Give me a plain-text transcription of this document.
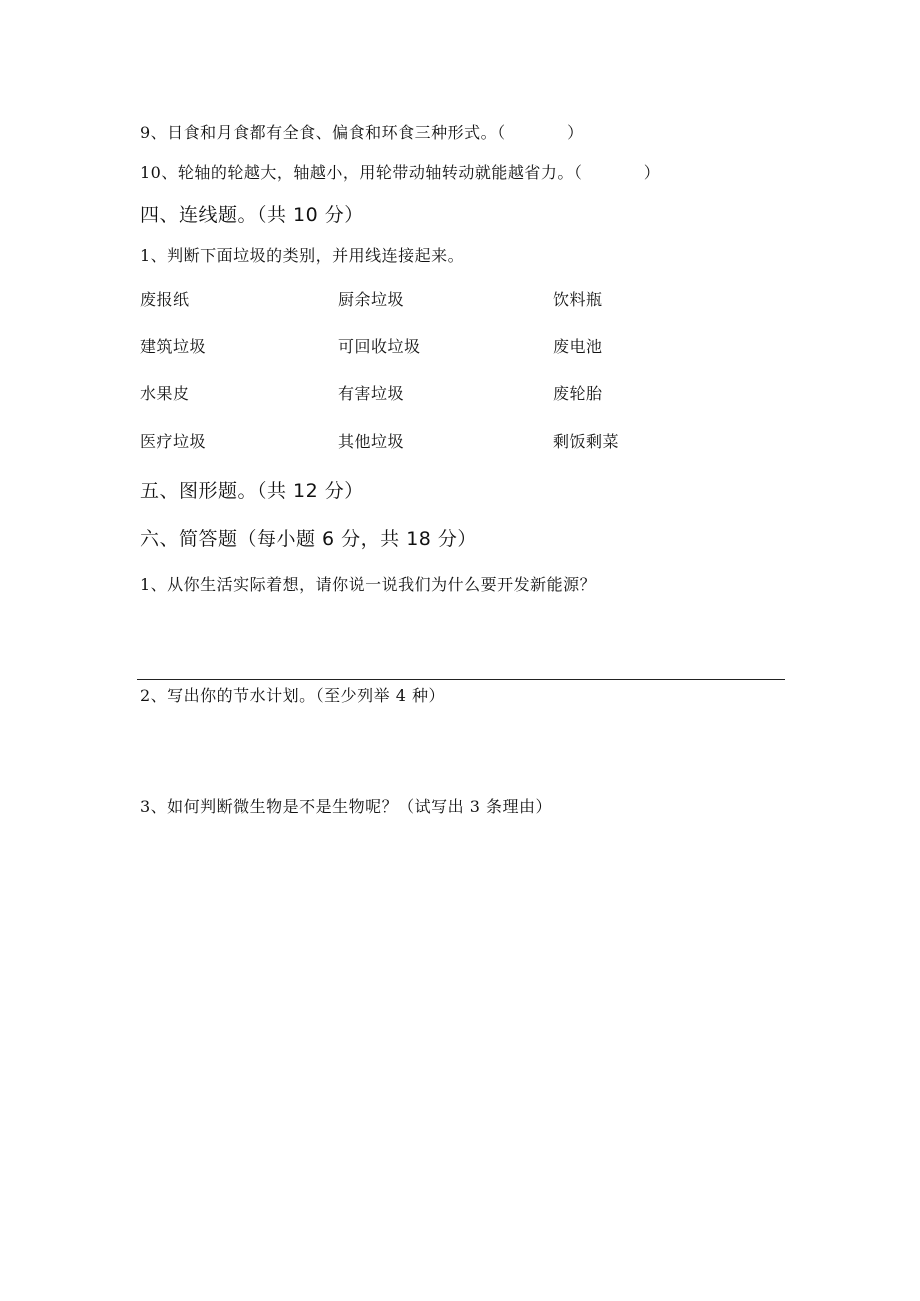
9、日食和月食都有全食、偏食和环食三种形式。（           ）
10、轮轴的轮越大，轴越小，用轮带动轴转动就能越省力。（           ）
四、连线题。（共 10 分）
1、判断下面垃圾的类别，并用线连接起来。
废报纸	厨余垃圾	饮料瓶
建筑垃圾	可回收垃圾	废电池
水果皮	有害垃圾	废轮胎
医疗垃圾	其他垃圾	剩饭剩菜
五、图形题。（共 12 分）
六、简答题（每小题 6 分，共 18 分）
1、从你生活实际着想，请你说一说我们为什么要开发新能源？
2、写出你的节水计划。（至少列举 4 种）
3、如何判断微生物是不是生物呢？（试写出 3 条理由）
